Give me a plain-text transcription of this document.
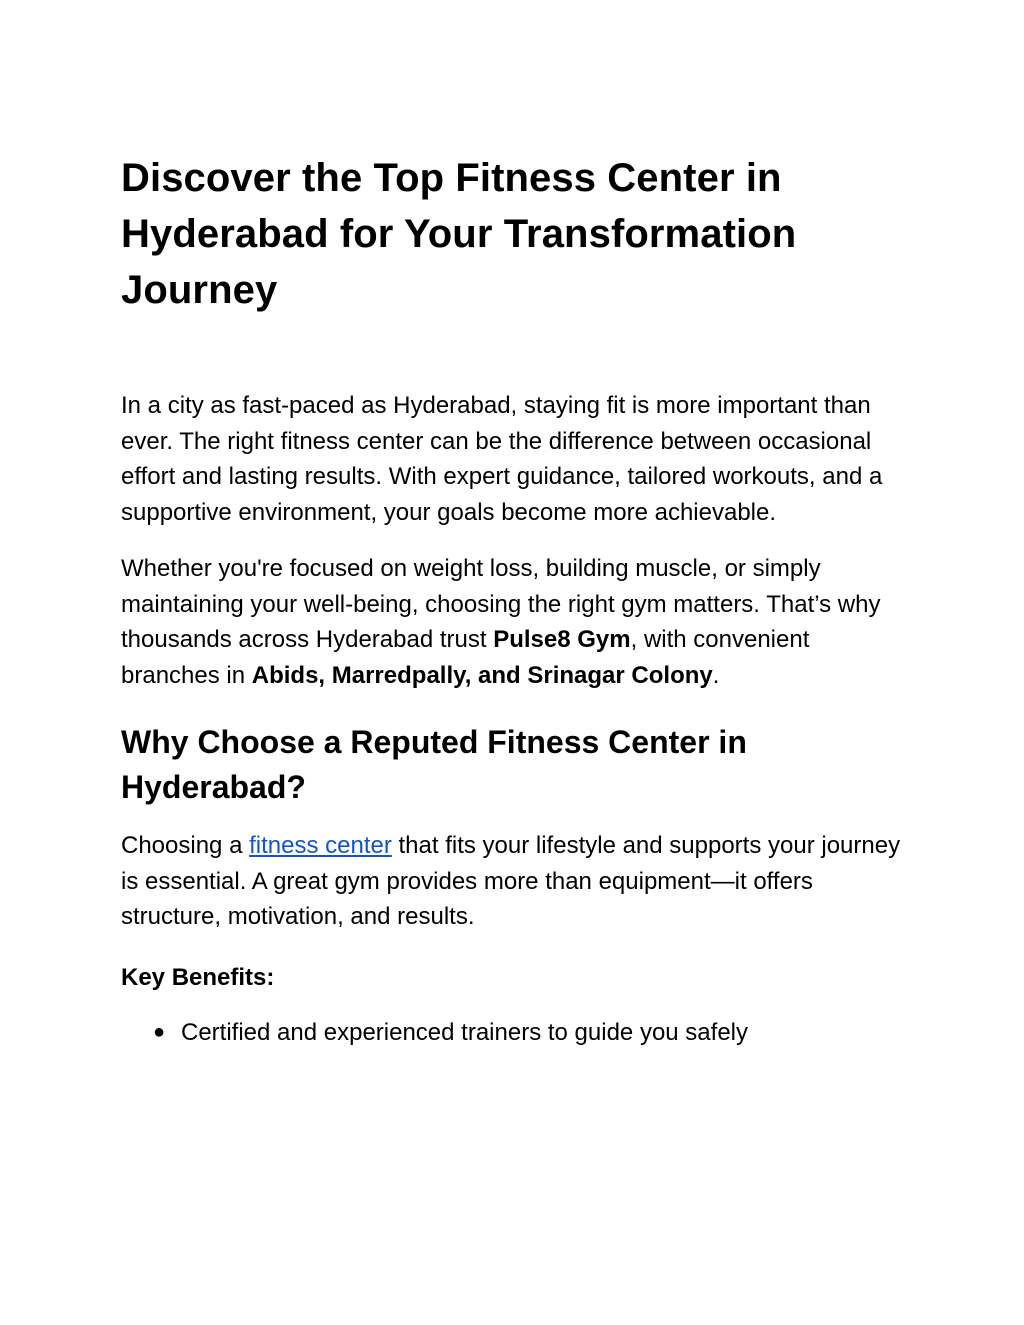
Discover the Top Fitness Center in Hyderabad for Your Transformation Journey

In a city as fast-paced as Hyderabad, staying fit is more important than ever. The right fitness center can be the difference between occasional effort and lasting results. With expert guidance, tailored workouts, and a supportive environment, your goals become more achievable.

Whether you're focused on weight loss, building muscle, or simply maintaining your well-being, choosing the right gym matters. That’s why thousands across Hyderabad trust Pulse8 Gym, with convenient branches in Abids, Marredpally, and Srinagar Colony.

Why Choose a Reputed Fitness Center in Hyderabad?

Choosing a fitness center that fits your lifestyle and supports your journey is essential. A great gym provides more than equipment—it offers structure, motivation, and results.

Key Benefits:
● Certified and experienced trainers to guide you safely
